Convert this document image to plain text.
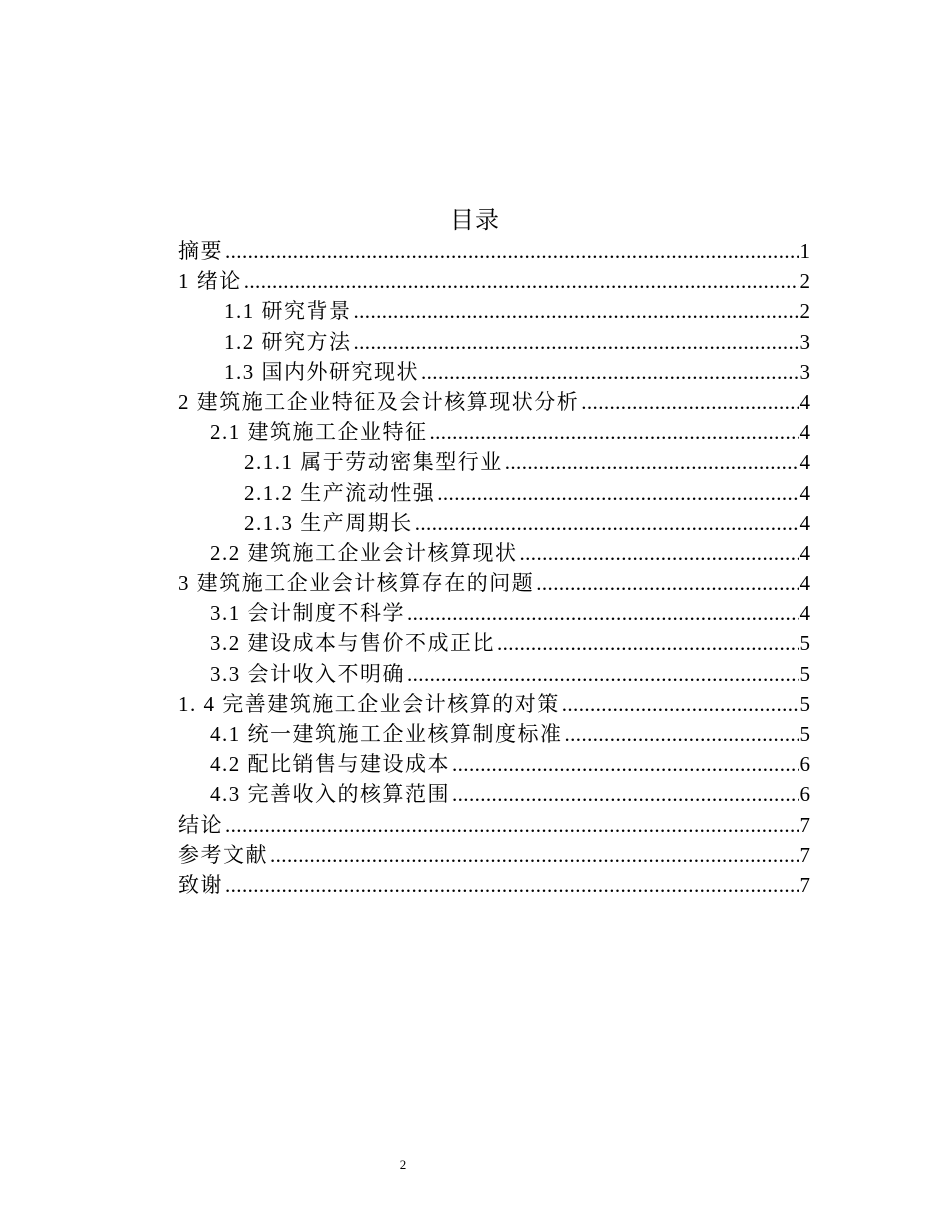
目录
摘要 .....	1
1 绪论 .....	2
1.1 研究背景 .....	2
1.2 研究方法 .....	3
1.3 国内外研究现状 .....	3
2 建筑施工企业特征及会计核算现状分析 .....	4
2.1 建筑施工企业特征 .....	4
2.1.1 属于劳动密集型行业 .....	4
2.1.2 生产流动性强 .....	4
2.1.3 生产周期长 .....	4
2.2 建筑施工企业会计核算现状 .....	4
3 建筑施工企业会计核算存在的问题 .....	4
3.1 会计制度不科学 .....	4
3.2 建设成本与售价不成正比 .....	5
3.3 会计收入不明确 .....	5
1. 4 完善建筑施工企业会计核算的对策 .....	5
4.1 统一建筑施工企业核算制度标准 .....	5
4.2 配比销售与建设成本 .....	6
4.3 完善收入的核算范围 .....	6
结论 .....	7
参考文献 .....	7
致谢 .....	7
2
